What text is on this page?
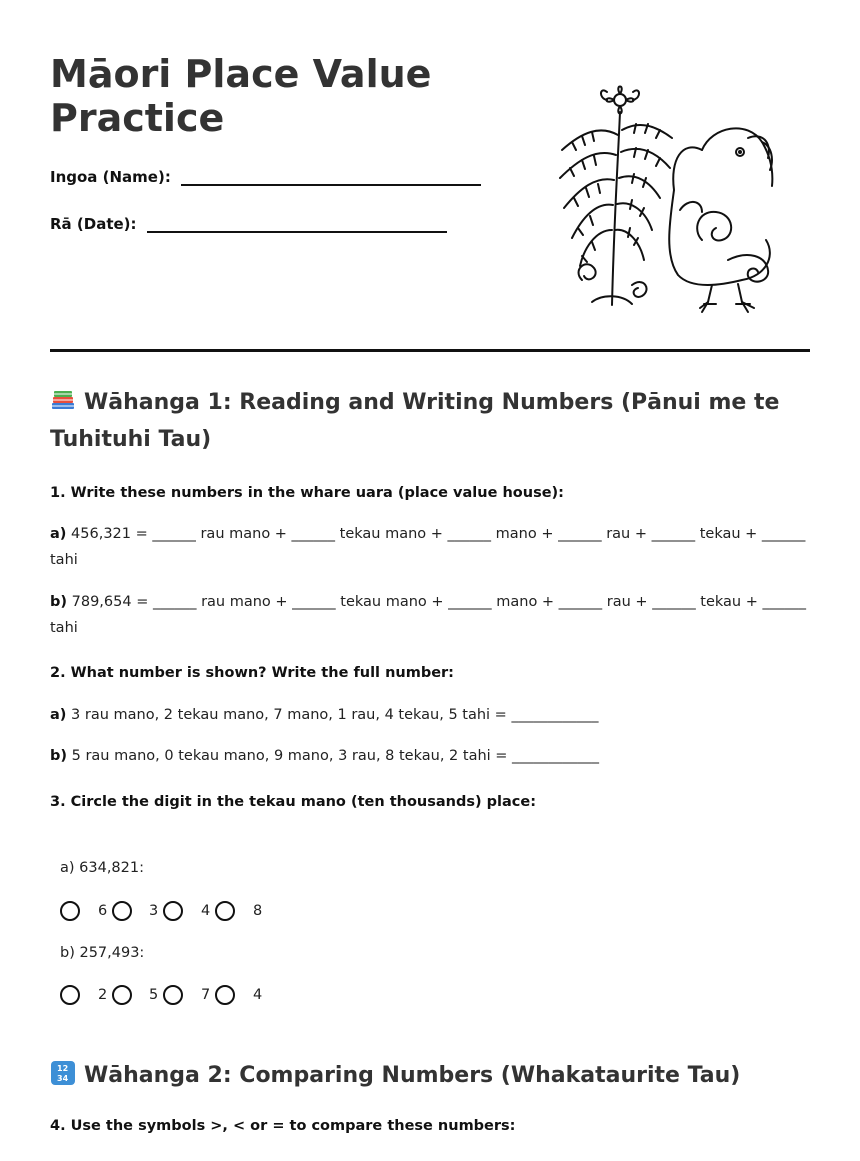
Māori Place Value Practice
Ingoa (Name):
Rā (Date):
Wāhanga 1: Reading and Writing Numbers (Pānui me te Tuhituhi Tau)
1. Write these numbers in the whare uara (place value house):
a) 456,321 = ______ rau mano + ______ tekau mano + ______ mano + ______ rau + ______ tekau + ______ tahi
b) 789,654 = ______ rau mano + ______ tekau mano + ______ mano + ______ rau + ______ tekau + ______ tahi
2. What number is shown? Write the full number:
a) 3 rau mano, 2 tekau mano, 7 mano, 1 rau, 4 tekau, 5 tahi = ____________
b) 5 rau mano, 0 tekau mano, 9 mano, 3 rau, 8 tekau, 2 tahi = ____________
3. Circle the digit in the tekau mano (ten thousands) place:
a) 634,821:
6	3	4	8
b) 257,493:
2	5	7	4
12
34 Wāhanga 2: Comparing Numbers (Whakataurite Tau)
4. Use the symbols >, < or = to compare these numbers:
